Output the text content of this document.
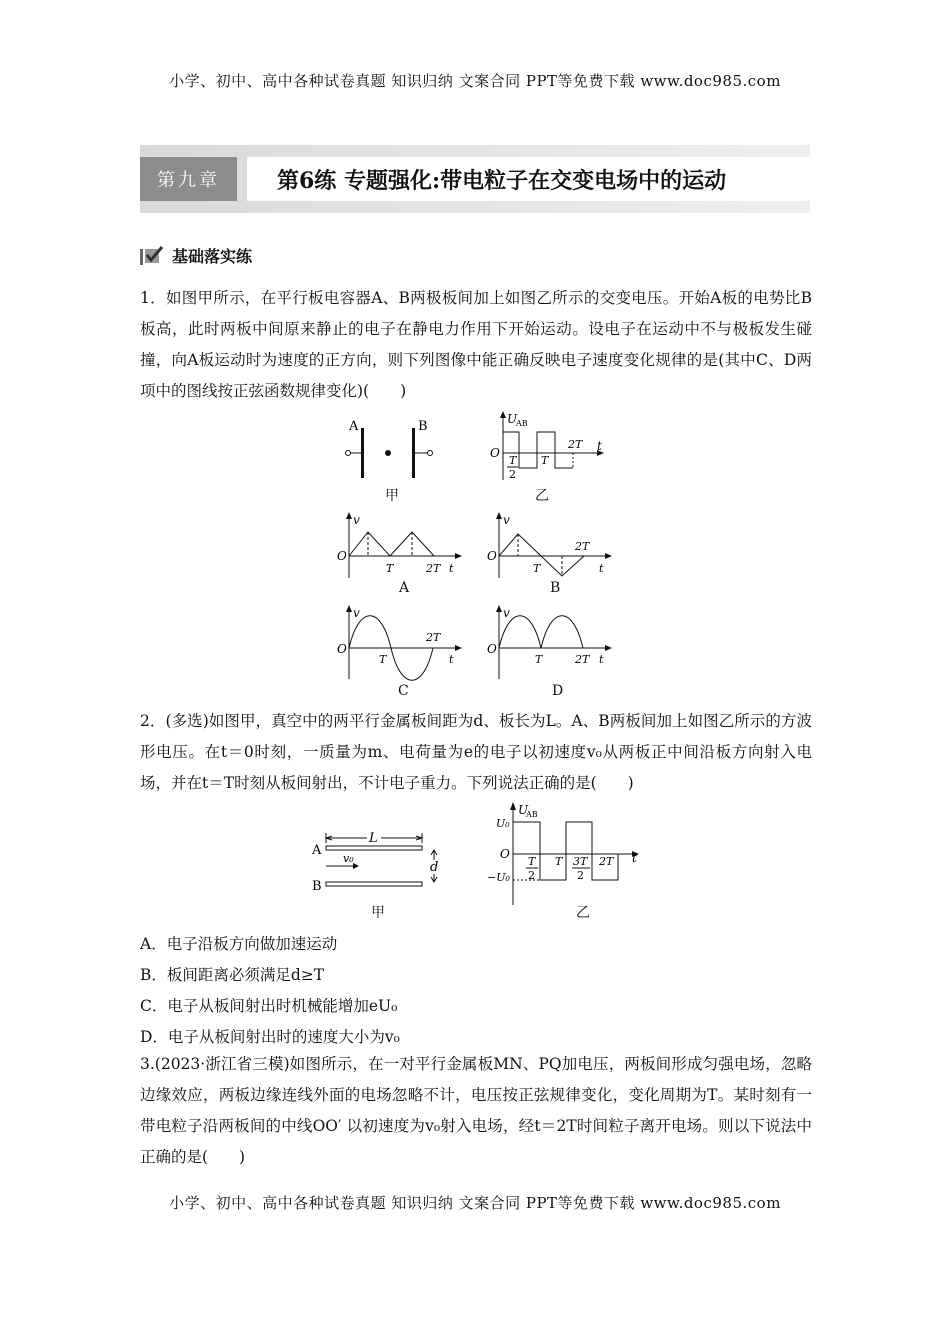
小学、初中、高中各种试卷真题 知识归纳 文案合同 PPT等免费下载 www.doc985.com
第九章	第6练 专题强化:带电粒子在交变电场中的运动
基础落实练
1．如图甲所示，在平行板电容器A、B两极板间加上如图乙所示的交变电压。开始A板的电势比B板高，此时两板中间原来静止的电子在静电力作用下开始运动。设电子在运动中不与极板发生碰撞，向A板运动时为速度的正方向，则下列图像中能正确反映电子速度变化规律的是(其中C、D两项中的图线按正弦函数规律变化)(　　)
A	B
甲
U
AB
O	t
T
2
T
2T
乙
v
O
T	2T t
A
v
O
T
2T
t
B
v
O
T
2T
t
C
v
O
T	2T t
D
2．(多选)如图甲，真空中的两平行金属板间距为d、板长为L。A、B两板间加上如图乙所示的方波形电压。在t＝0时刻，一质量为m、电荷量为e的电子以初速度v₀从两板正中间沿板方向射入电场，并在t＝T时刻从板间射出，不计电子重力。下列说法正确的是(　　)
A
B
L
v₀
d
甲
U
AB
U₀
−U₀
O	t
T
2
T 3T
2
2T
乙
A．电子沿板方向做加速运动
B．板间距离必须满足d≥T
C．电子从板间射出时机械能增加eU₀
D．电子从板间射出时的速度大小为v₀
3.(2023·浙江省三模)如图所示，在一对平行金属板MN、PQ加电压，两板间形成匀强电场，忽略边缘效应，两板边缘连线外面的电场忽略不计，电压按正弦规律变化，变化周期为T。某时刻有一带电粒子沿两板间的中线OO′ 以初速度为v₀射入电场，经t＝2T时间粒子离开电场。则以下说法中正确的是(　　)
小学、初中、高中各种试卷真题 知识归纳 文案合同 PPT等免费下载 www.doc985.com
